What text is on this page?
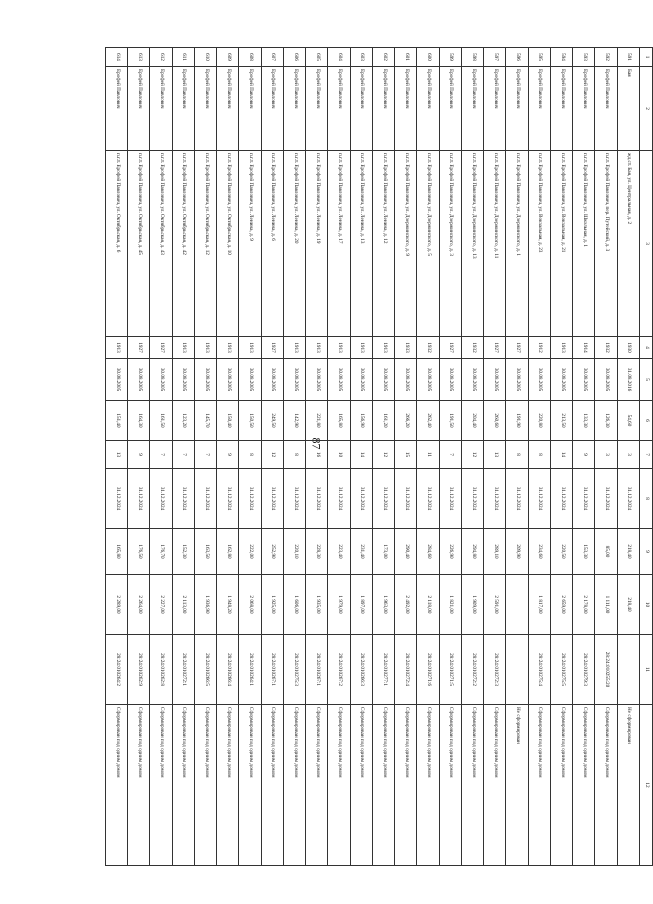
87
1	2	3	4	5	6	7	8	9	10	11	12
591	Бая	жд.ст. Бая, ул. Центральная, д. 2	1930	31.08.2016	54,60	3	31.12.2024	218,40	218,40		Не сформирован
592	Ерофей Павлович	п.г.т. Ерофей Павлович, пер. Путейский, д. 3	1932	30.08.2005	126,30	3	31.12.2024	85,00	1 111,00	28:24:010255:20	Сформирован под одним домом
593	Ерофей Павлович	п.г.т. Ерофей Павлович, ул. Школьная, д. 1	1914	30.08.2005	133,30	9	31.12.2024	153,30	2 178,00	28:24:010279:3	Сформирован под одним домом
594	Ерофей Павлович	п.г.т. Ерофей Павлович, ул. Вокзальная, д. 21	1913	30.08.2005	213,50	14	31.12.2024	220,50	2 659,00	28:24:010275:5	Сформирован под одним домом
595	Ерофей Павлович	п.г.т. Ерофей Павлович, ул. Вокзальная, д. 23	1912	30.08.2005	220,80	8	31.12.2024	234,60	1 817,00	28:24:010275:4	Сформирован под одним домом
596	Ерофей Павлович	п.г.т. Ерофей Павлович, ул. Дзержинского, д. 1	1927	30.08.2005	191,90	8	31.12.2024	209,90			Не сформирован
597	Ерофей Павлович	п.г.т. Ерофей Павлович, ул. Дзержинского, д. 11	1927	30.08.2005	260,60	13	31.12.2024	289,10	2 591,00	28:24:010272:3	Сформирован под одним домом
598	Ерофей Павлович	п.г.т. Ерофей Павлович, ул. Дзержинского, д. 13	1932	30.08.2005	204,40	12	31.12.2024	294,80	1 909,00	28:24:010272:2	Сформирован под одним домом
599	Ерофей Павлович	п.г.т. Ерофей Павлович, ул. Дзержинского, д. 3	1927	30.08.2005	191,50	7	31.12.2024	226,90	1 821,00	28:24:010271:5	Сформирован под одним домом
600	Ерофей Павлович	п.г.т. Ерофей Павлович, ул. Дзержинского, д. 5	1932	30.08.2005	262,40	11	31.12.2024	284,60	2 118,00	28:24:010271:6	Сформирован под одним домом
601	Ерофей Павлович	п.г.т. Ерофей Павлович, ул. Дзержинского, д. 9	1933	30.08.2005	266,20	15	31.12.2024	290,40	2 492,00	28:24:010272:4	Сформирован под одним домом
602	Ерофей Павлович	п.г.т. Ерофей Павлович, ул. Ленина, д. 12	1913	30.08.2005	161,20	12	31.12.2024	173,00	1 963,00	28:24:010277:1	Сформирован под одним домом
603	Ерофей Павлович	п.г.т. Ерофей Павлович, ул. Ленина, д. 13	1913	30.08.2005	156,90	14	31.12.2024	231,40	1 897,00	28:24:010266:3	Сформирован под одним домом
604	Ерофей Павлович	п.г.т. Ерофей Павлович, ул. Ленина, д. 17	1913	30.08.2005	165,80	10	31.12.2024	223,40	1 979,00	28:24:010267:2	Сформирован под одним домом
605	Ерофей Павлович	п.г.т. Ерофей Павлович, ул. Ленина, д. 19	1913	30.08.2005	221,80	16	31.12.2024	228,30	1 935,00	28:24:010267:1	Сформирован под одним домом
606	Ерофей Павлович	п.г.т. Ерофей Павлович, ул. Ленина, д. 20	1913	30.08.2005	142,90	8	31.12.2024	220,10	1 606,00	28:24:010275:3	Сформирован под одним домом
607	Ерофей Павлович	п.г.т. Ерофей Павлович, ул. Ленина, д. 6	1927	30.08.2005	249,50	12	31.12.2024	252,90	1 925,00	28:24:010267:1	Сформирован под одним домом
608	Ерофей Павлович	п.г.т. Ерофей Павлович, ул. Ленина, д. 9	1913	30.08.2005	150,50	8	31.12.2024	222,00	2 068,00	28:24:010264:1	Сформирован под одним домом
609	Ерофей Павлович	п.г.т. Ерофей Павлович, ул. Октябрьская, д. 10	1913	30.08.2005	150,40	9	31.12.2024	162,80	1 948,20	28:24:010266:4	Сформирован под одним домом
610	Ерофей Павлович	п.г.т. Ерофей Павлович, ул. Октябрьская, д. 12	1913	30.08.2005	145,70	7	31.12.2024	163,50	1 936,90	28:24:010266:5	Сформирован под одним домом
611	Ерофей Павлович	п.г.т. Ерофей Павлович, ул. Октябрьская, д. 42	1913	30.08.2005	123,20	7	31.12.2024	152,30	2 113,00	28:24:010272:1	Сформирован под одним домом
612	Ерофей Павлович	п.г.т. Ерофей Павлович, ул. Октябрьская, д. 43	1927	30.08.2005	161,50	7	31.12.2024	176,70	2 227,00	28:24:010262:8	Сформирован под одним домом
613	Ерофей Павлович	п.г.т. Ерофей Павлович, ул. Октябрьская, д. 45	1927	30.08.2005	164,30	9	31.12.2024	176,50	2 264,00	28:24:010262:9	Сформирован под одним домом
614	Ерофей Павлович	п.г.т. Ерофей Павлович, ул. Октябрьская, д. 6	1913	30.08.2005	151,40	13	31.12.2024	165,80	2 289,00	28:24:010264:2	Сформирован под одним домом
